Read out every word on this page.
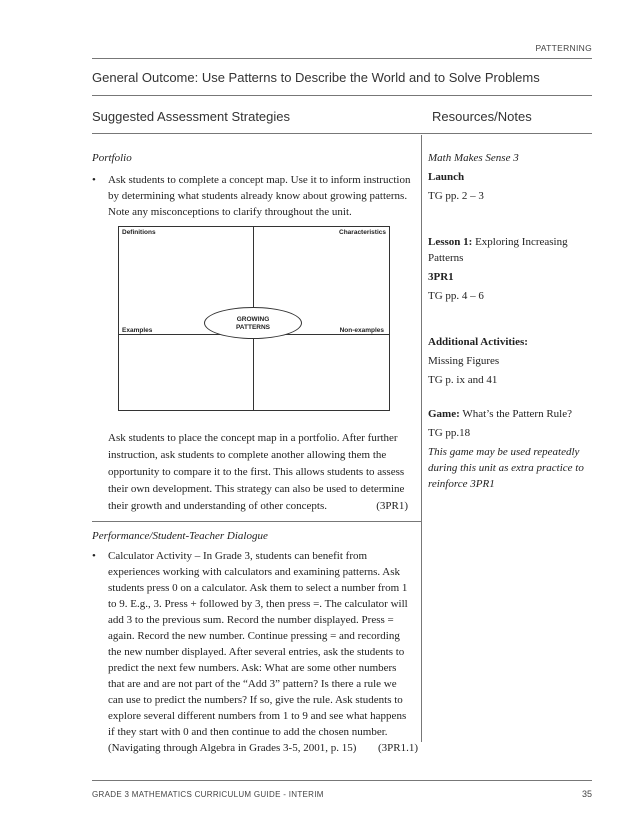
PATTERNING
General Outcome: Use Patterns to Describe the World and to Solve Problems
Suggested Assessment Strategies	Resources/Notes
Portfolio
• Ask students to complete a concept map. Use it to inform instruction
by determining what students already know about growing patterns.
Note any misconceptions to clarify throughout the unit.
Definitions	Characteristics
Examples	Non-examples
GROWING
PATTERNS
Ask students to place the concept map in a portfolio. After further
instruction, ask students to complete another allowing them the
opportunity to compare it to the first. This allows students to assess
their own development. This strategy can also be used to determine
their growth and understanding of other concepts.	(3PR1)
Performance/Student-Teacher Dialogue
• Calculator Activity – In Grade 3, students can benefit from
experiences working with calculators and examining patterns. Ask
students press 0 on a calculator. Ask them to select a number from 1
to 9. E.g., 3. Press + followed by 3, then press =. The calculator will
add 3 to the previous sum. Record the number displayed. Press =
again. Record the new number. Continue pressing = and recording
the new number displayed. After several entries, ask the students to
predict the next few numbers. Ask: What are some other numbers
that are and are not part of the “Add 3” pattern? Is there a rule we
can use to predict the numbers? If so, give the rule. Ask students to
explore several different numbers from 1 to 9 and see what happens
if they start with 0 and then continue to add the chosen number.
(Navigating through Algebra in Grades 3-5, 2001, p. 15) (3PR1.1)
Math Makes Sense 3
Launch
TG pp. 2 – 3
Lesson 1: Exploring Increasing
Patterns
3PR1
TG pp. 4 – 6
Additional Activities:
Missing Figures
TG p. ix and 41
Game: What’s the Pattern Rule?
TG pp.18
This game may be used repeatedly
during this unit as extra practice to
reinforce 3PR1
GRADE 3 MATHEMATICS CURRICULUM GUIDE - INTERIM	35
